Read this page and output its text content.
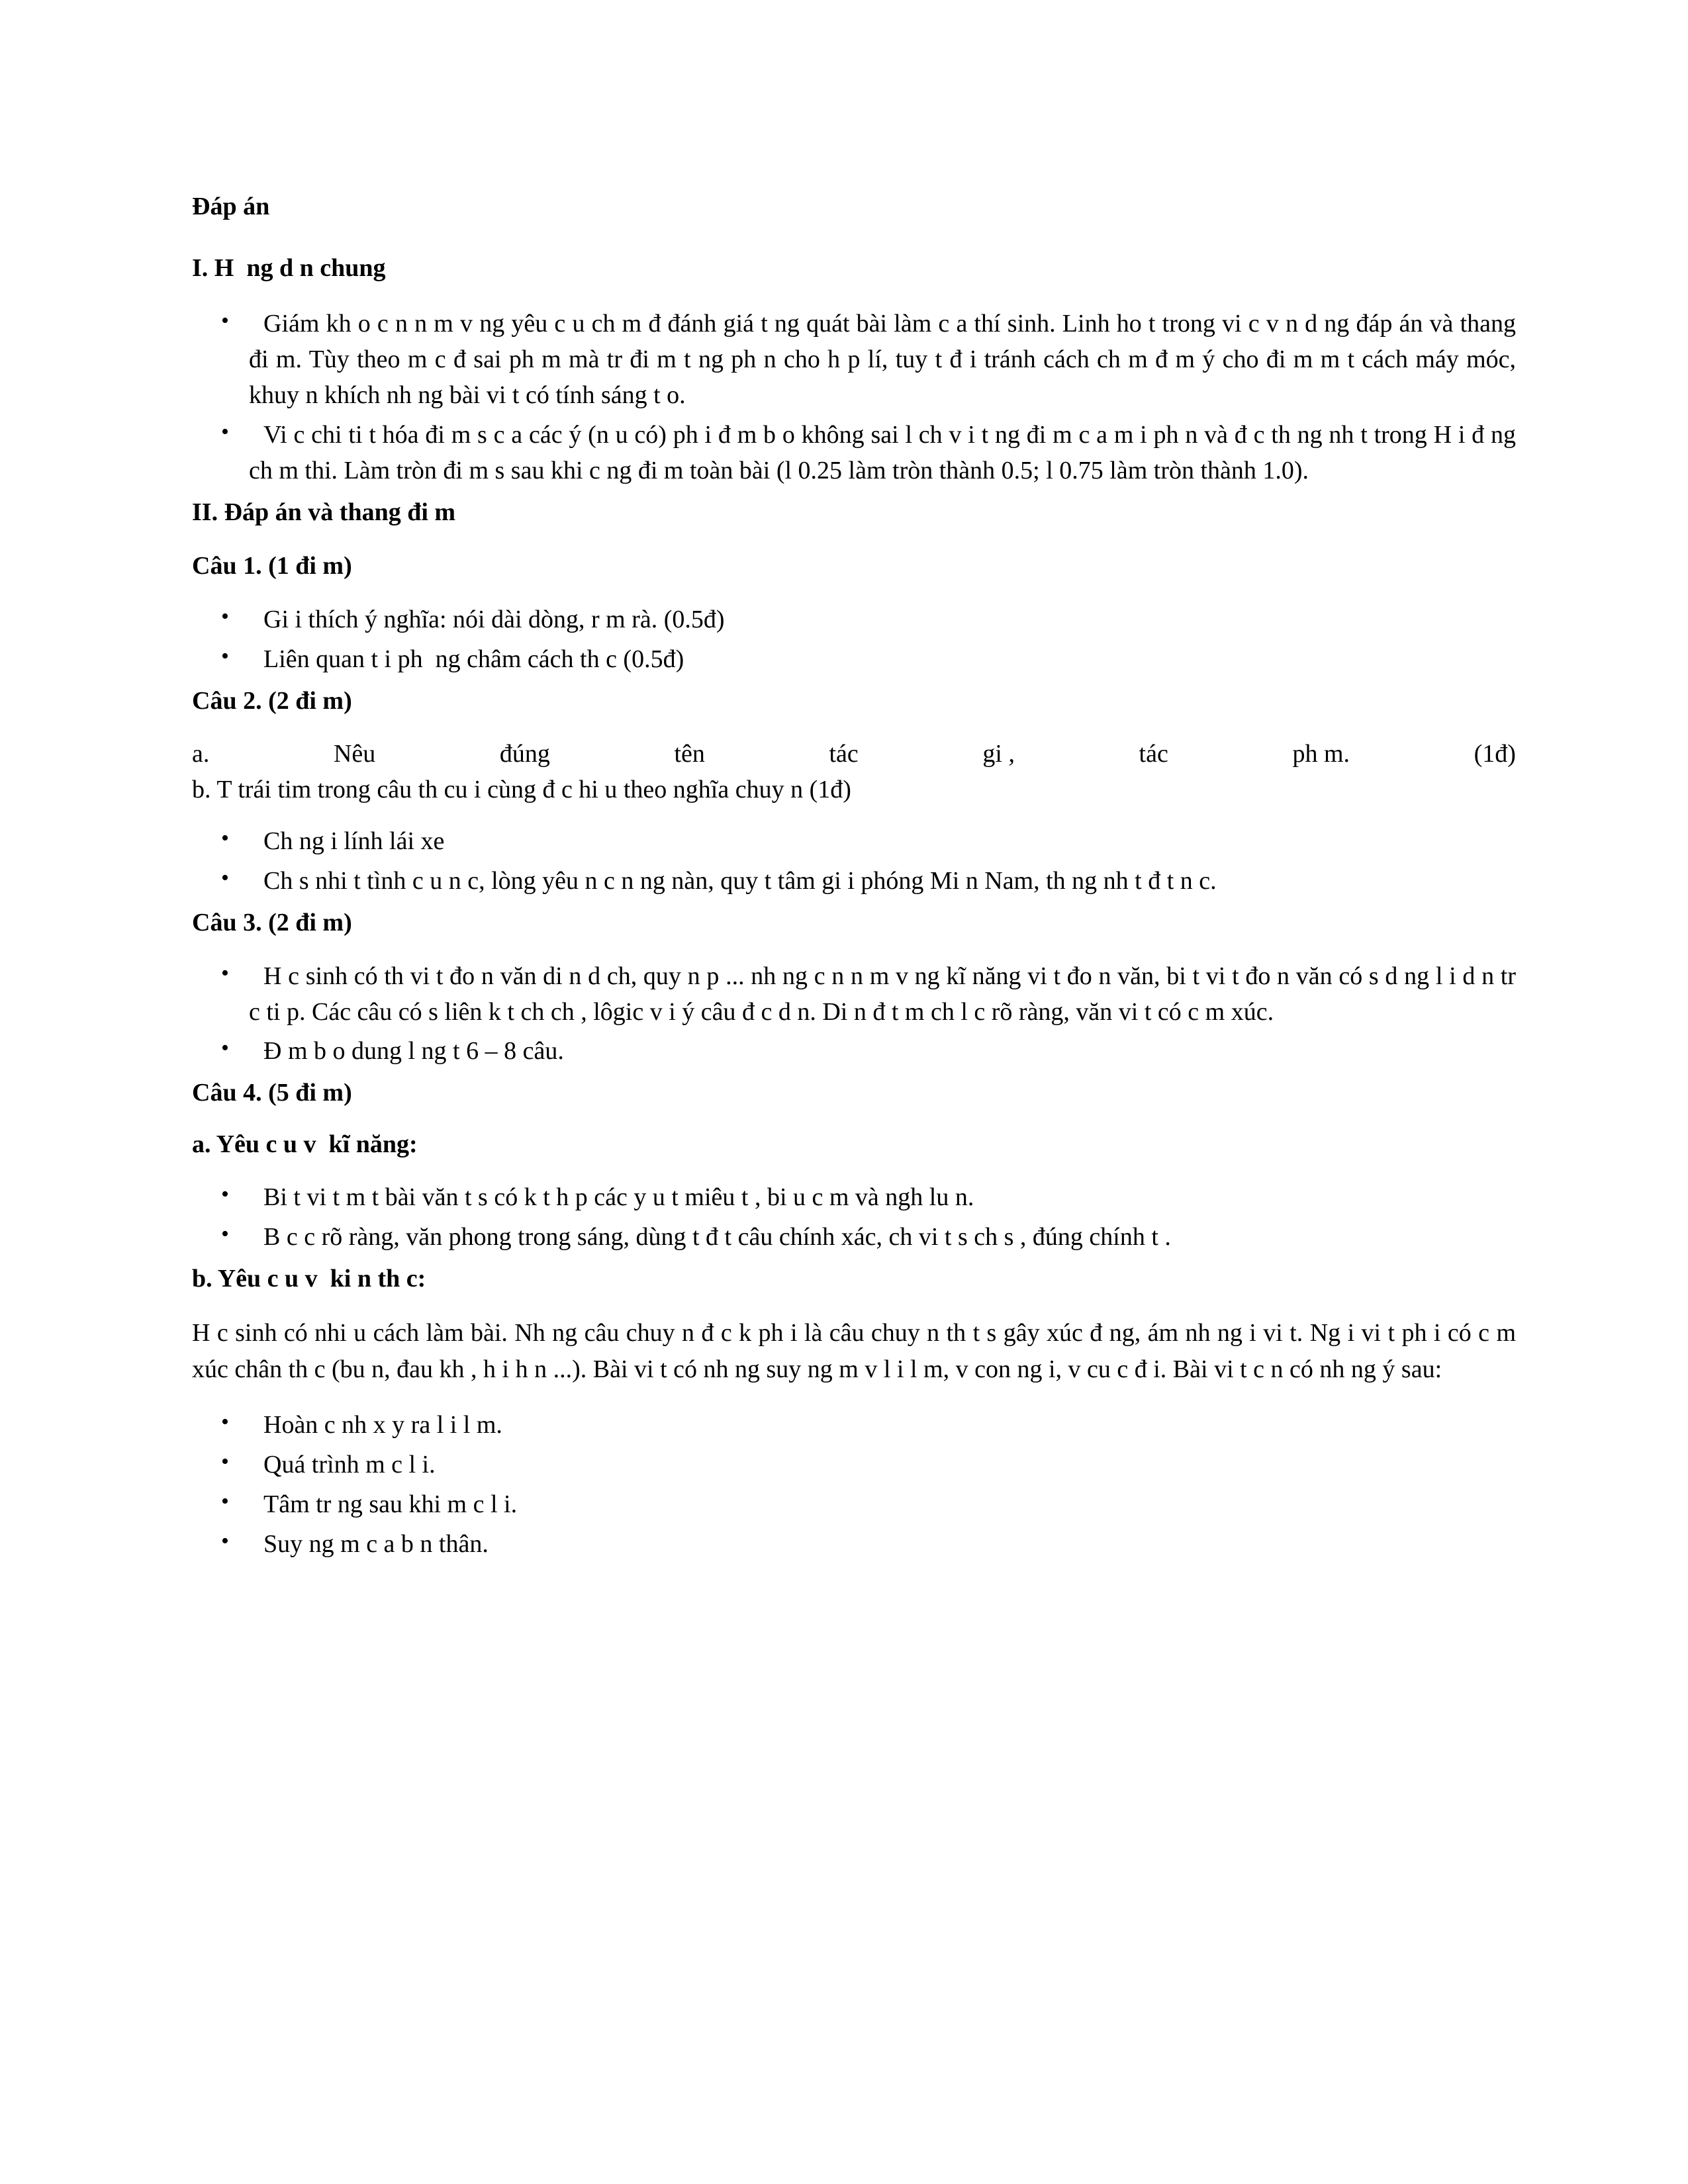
Đáp án
I. H  ng d n chung
• Giám kh o c n n m v ng yêu c u ch m đ đánh giá t ng quát bài làm c a thí sinh. Linh ho t trong vi c v n d ng đáp án và thang đi m. Tùy theo m c đ sai ph m mà tr đi m t ng ph n cho h p lí, tuy t đ i tránh cách ch m đ m ý cho đi m m t cách máy móc, khuy n khích nh ng bài vi t có tính sáng t o.
• Vi c chi ti t hóa đi m s c a các ý (n u có) ph i đ m b o không sai l ch v i t ng đi m c a m i ph n và đ c th ng nh t trong H i đ ng ch m thi. Làm tròn đi m s sau khi c ng đi m toàn bài (l 0.25 làm tròn thành 0.5; l 0.75 làm tròn thành 1.0).
II. Đáp án và thang đi m
Câu 1. (1 đi m)
• Gi i thích ý nghĩa: nói dài dòng, r m rà. (0.5đ)
• Liên quan t i ph  ng châm cách th c (0.5đ)
Câu 2. (2 đi m)
a.	Nêu	đúng	tên	tác	gi ,	tác	ph m.	(1đ)
b. T trái tim trong câu th cu i cùng đ c hi u theo nghĩa chuy n (1đ)
• Ch ng i lính lái xe
• Ch s nhi t tình c u n c, lòng yêu n c n ng nàn, quy t tâm gi i phóng Mi n Nam, th ng nh t đ t n c.
Câu 3. (2 đi m)
• H c sinh có th vi t đo n văn di n d ch, quy n p ... nh ng c n n m v ng kĩ năng vi t đo n văn, bi t vi t đo n văn có s d ng l i d n tr c ti p. Các câu có s liên k t ch ch , lôgic v i ý câu đ c d n. Di n đ t m ch l c rõ ràng, văn vi t có c m xúc.
• Đ m b o dung l ng t 6 – 8 câu.
Câu 4. (5 đi m)
a. Yêu c u v  kĩ năng:
• Bi t vi t m t bài văn t s có k t h p các y u t miêu t , bi u c m và ngh lu n.
• B c c rõ ràng, văn phong trong sáng, dùng t đ t câu chính xác, ch vi t s ch s , đúng chính t .
b. Yêu c u v  ki n th c:
H c sinh có nhi u cách làm bài. Nh ng câu chuy n đ c k ph i là câu chuy n th t s gây xúc đ ng, ám nh ng i vi t. Ng i vi t ph i có c m xúc chân th c (bu n, đau kh , h i h n ...). Bài vi t có nh ng suy ng m v l i l m, v con ng i, v cu c đ i. Bài vi t c n có nh ng ý sau:
• Hoàn c nh x y ra l i l m.
• Quá trình m c l i.
• Tâm tr ng sau khi m c l i.
• Suy ng m c a b n thân.
